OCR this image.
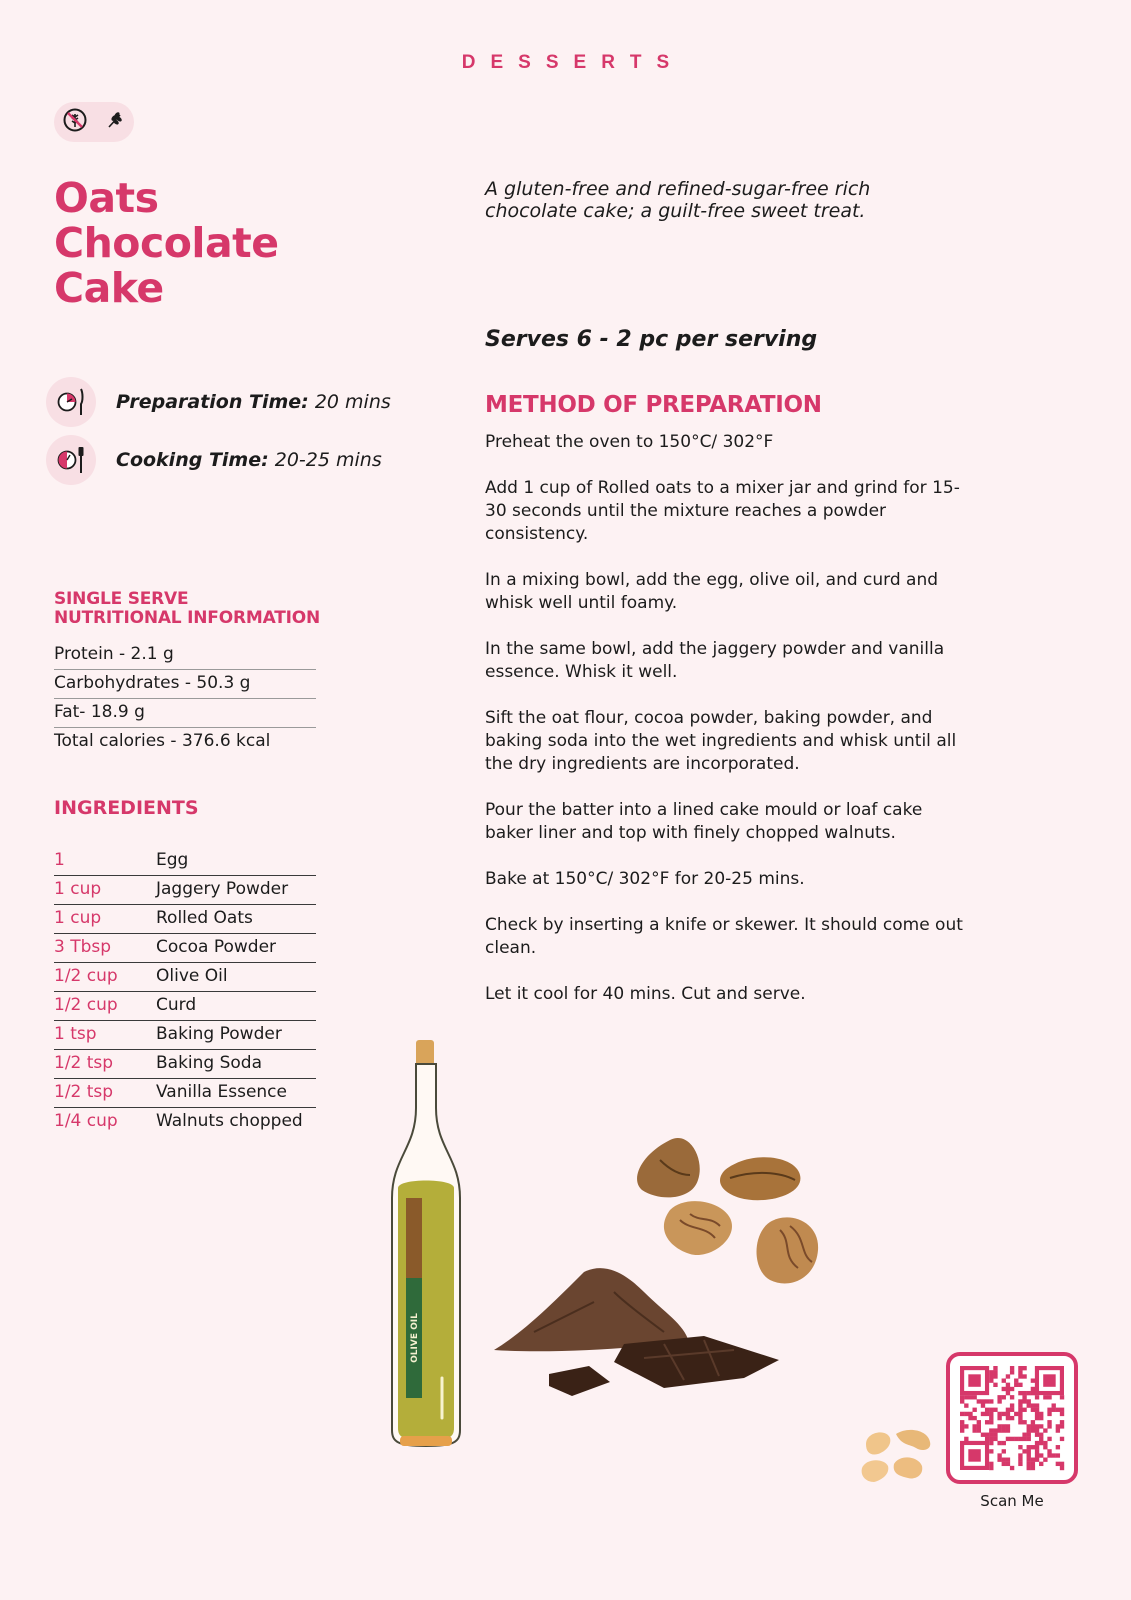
DESSERTS
Oats
Chocolate
Cake

A gluten-free and refined-sugar-free rich chocolate cake; a guilt-free sweet treat.

Serves 6 - 2 pc per serving

Preparation Time: 20 mins
Cooking Time: 20-25 mins
METHOD OF PREPARATION
Preheat the oven to 150°C/ 302°F
Add 1 cup of Rolled oats to a mixer jar and grind for 15-30 seconds until the mixture reaches a powder consistency.
In a mixing bowl, add the egg, olive oil, and curd and whisk well until foamy.
In the same bowl, add the jaggery powder and vanilla essence. Whisk it well.
Sift the oat flour, cocoa powder, baking powder, and baking soda into the wet ingredients and whisk until all the dry ingredients are incorporated.
Pour the batter into a lined cake mould or loaf cake baker liner and top with finely chopped walnuts.
Bake at 150°C/ 302°F for 20-25 mins.
Check by inserting a knife or skewer. It should come out clean.
Let it cool for 40 mins. Cut and serve.
SINGLE SERVE
NUTRITIONAL INFORMATION
Protein - 2.1 g
Carbohydrates - 50.3 g
Fat- 18.9 g
Total calories - 376.6 kcal
INGREDIENTS
1	Egg
1 cup	Jaggery Powder
1 cup	Rolled Oats
3 Tbsp	Cocoa Powder
1/2 cup	Olive Oil
1/2 cup	Curd
1 tsp	Baking Powder
1/2 tsp	Baking Soda
1/2 tsp	Vanilla Essence
1/4 cup	Walnuts chopped
OLIVE OIL
Scan Me
